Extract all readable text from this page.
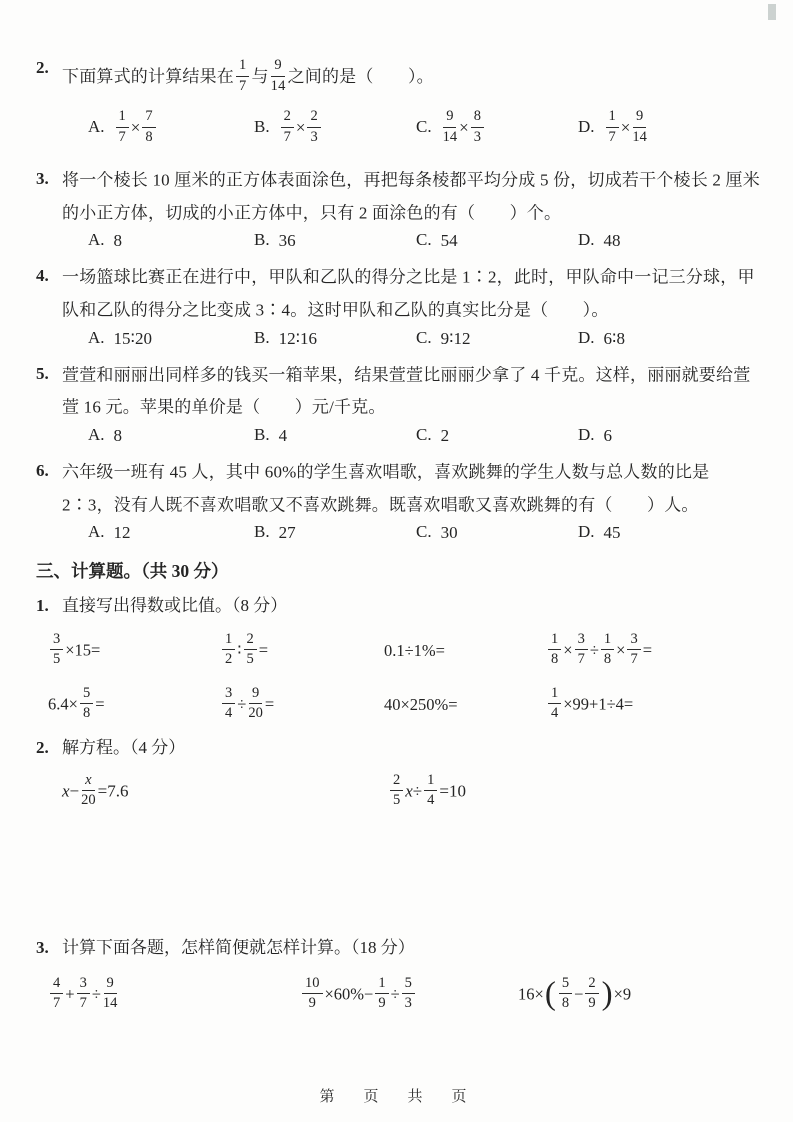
2. 下面算式的计算结果在 $\frac{1}{7}$ 与 $\frac{9}{14}$ 之间的是（　　）。
A. $\frac{1}{7} \times \frac{7}{8}$	B. $\frac{2}{7} \times \frac{2}{3}$	C. $\frac{9}{14} \times \frac{8}{3}$	D. $\frac{1}{7} \times \frac{9}{14}$
3. 将一个棱长 10 厘米的正方体表面涂色，再把每条棱都平均分成 5 份，切成若干个棱长 2 厘米的小正方体，切成的小正方体中，只有 2 面涂色的有（　　）个。
A. 8	B. 36	C. 54	D. 48
4. 一场篮球比赛正在进行中，甲队和乙队的得分之比是 1∶2，此时，甲队命中一记三分球，甲队和乙队的得分之比变成 3∶4。这时甲队和乙队的真实比分是（　　）。
A. 15∶20	B. 12∶16	C. 9∶12	D. 6∶8
5. 萱萱和丽丽出同样多的钱买一箱苹果，结果萱萱比丽丽少拿了 4 千克。这样，丽丽就要给萱萱 16 元。苹果的单价是（　　）元/千克。
A. 8	B. 4	C. 2	D. 6
6. 六年级一班有 45 人，其中 60%的学生喜欢唱歌，喜欢跳舞的学生人数与总人数的比是 2∶3，没有人既不喜欢唱歌又不喜欢跳舞。既喜欢唱歌又喜欢跳舞的有（　　）人。
A. 12	B. 27	C. 30	D. 45
三、计算题。（共 30 分）
1. 直接写出得数或比值。（8 分）
$\frac{3}{5} \times 15=$	$\frac{1}{2}$ ∶ $\frac{2}{5}$ =	0.1÷1%=	$\frac{1}{8} \times \frac{3}{7} \div \frac{1}{8} \times \frac{3}{7}$ =
$6.4\times \frac{5}{8}$ =	$\frac{3}{4} \div \frac{9}{20}$ =	40×250%=	$\frac{1}{4} \times 99+1\div 4=$
2. 解方程。（4 分）
$x- \frac{x}{20} =7.6$	$\frac{2}{5} x\div \frac{1}{4} =10$
3. 计算下面各题，怎样简便就怎样计算。（18 分）
$\frac{4}{7} + \frac{3}{7} \div \frac{9}{14}$	$\frac{10}{9} \times 60\%- \frac{1}{9} \div \frac{5}{3}$	$16\times( \frac{5}{8} - \frac{2}{9} )\times 9$
第　页　共　页
